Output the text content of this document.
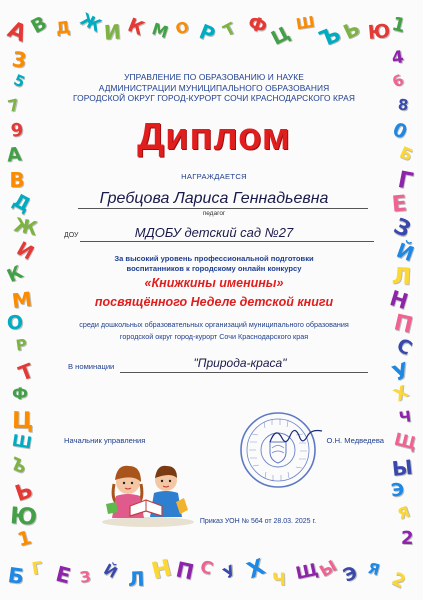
А
Б
В
Г
Д
Е
Ж
З
И
Й
К
Л
М
Н
О
П
Р
С
Т
У
Ф
Х
Ц
Ч
Ш
Щ
Ъ
Ы
Ь
Э
Ю
Я
1
2
3	4
5	6
7	8
9	0
А	Б
В	Г
Д	Е
Ж	З
И	Й
К	Л
М	Н
О	П
Р	С
Т	У
Ф	Х
Ц	Ч
Ш	Щ
Ъ	Ы
Ь	Э
Ю	Я
1	2
УПРАВЛЕНИЕ ПО ОБРАЗОВАНИЮ И НАУКЕ
АДМИНИСТРАЦИИ МУНИЦИПАЛЬНОГО ОБРАЗОВАНИЯ
ГОРОДСКОЙ ОКРУГ ГОРОД-КУРОРТ СОЧИ КРАСНОДАРСКОГО КРАЯ
Диплом
НАГРАЖДАЕТСЯ
Гребцова Лариса Геннадьевна
педагог
ДОУ	МДОБУ детский сад №27
За высокий уровень профессиональной подготовки
воспитанников к городскому онлайн конкурсу
«Книжкины именины»
посвящённого Неделе детской книги
среди дошкольных образовательных организаций муниципального образования
городской округ город-курорт Сочи Краснодарского края
В номинации	"Природа-краса"
Начальник управления	О.Н. Медведева
Приказ УОН № 564 от 28.03. 2025 г.
